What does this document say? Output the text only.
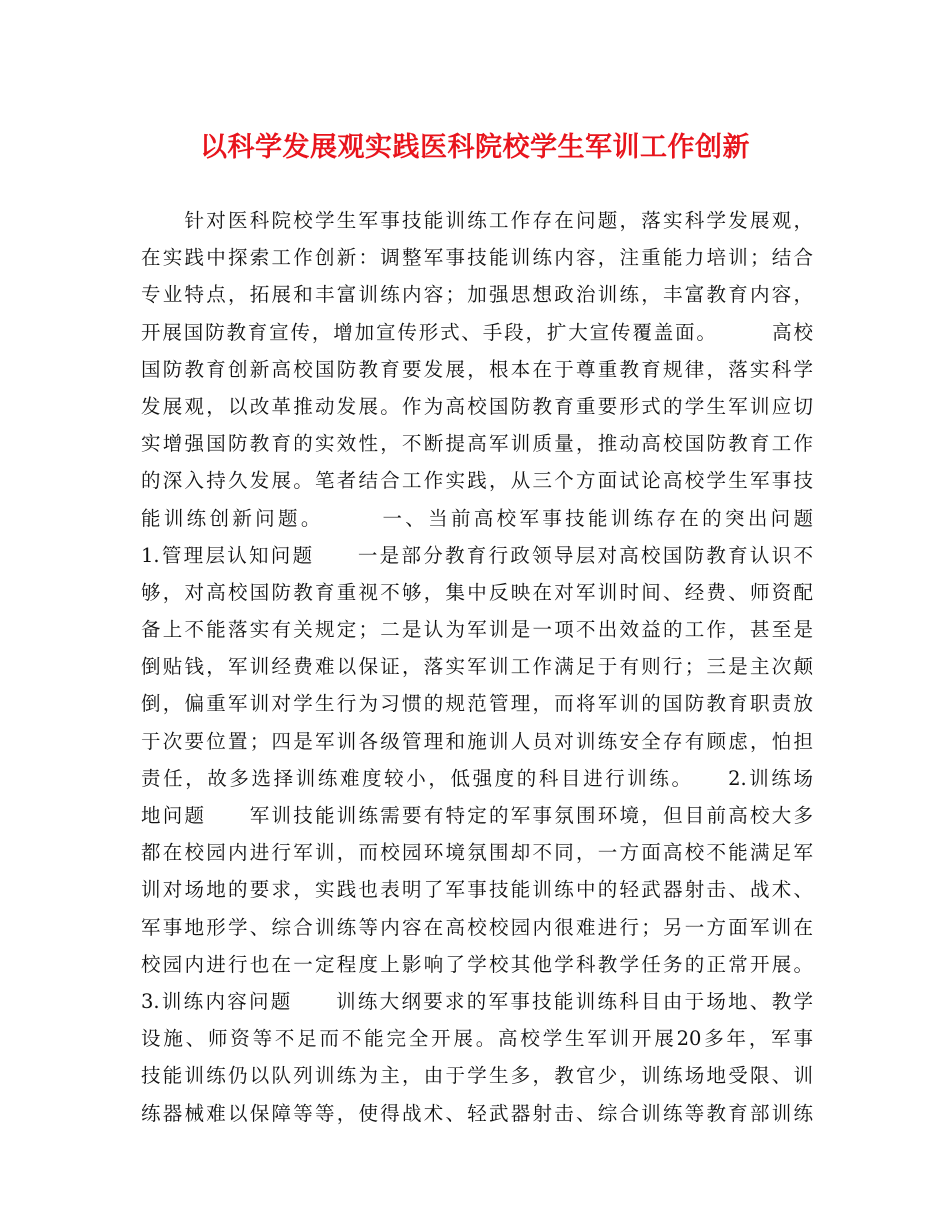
以科学发展观实践医科院校学生军训工作创新
　　针对医科院校学生军事技能训练工作存在问题，落实科学发展观，
在实践中探索工作创新：调整军事技能训练内容，注重能力培训；结合
专业特点，拓展和丰富训练内容；加强思想政治训练，丰富教育内容，
开展国防教育宣传，增加宣传形式、手段，扩大宣传覆盖面。　　　高校
国防教育创新高校国防教育要发展，根本在于尊重教育规律，落实科学
发展观，以改革推动发展。作为高校国防教育重要形式的学生军训应切
实增强国防教育的实效性，不断提高军训质量，推动高校国防教育工作
的深入持久发展。笔者结合工作实践，从三个方面试论高校学生军事技
能训练创新问题。　　　一、当前高校军事技能训练存在的突出问题
1.管理层认知问题　　一是部分教育行政领导层对高校国防教育认识不
够，对高校国防教育重视不够，集中反映在对军训时间、经费、师资配
备上不能落实有关规定；二是认为军训是一项不出效益的工作，甚至是
倒贴钱，军训经费难以保证，落实军训工作满足于有则行；三是主次颠
倒，偏重军训对学生行为习惯的规范管理，而将军训的国防教育职责放
于次要位置；四是军训各级管理和施训人员对训练安全存有顾虑，怕担
责任，故多选择训练难度较小，低强度的科目进行训练。　　2.训练场
地问题　　军训技能训练需要有特定的军事氛围环境，但目前高校大多
都在校园内进行军训，而校园环境氛围却不同，一方面高校不能满足军
训对场地的要求，实践也表明了军事技能训练中的轻武器射击、战术、
军事地形学、综合训练等内容在高校校园内很难进行；另一方面军训在
校园内进行也在一定程度上影响了学校其他学科教学任务的正常开展。
3.训练内容问题　　训练大纲要求的军事技能训练科目由于场地、教学
设施、师资等不足而不能完全开展。高校学生军训开展20多年，军事
技能训练仍以队列训练为主，由于学生多，教官少，训练场地受限、训
练器械难以保障等等，使得战术、轻武器射击、综合训练等教育部训练
